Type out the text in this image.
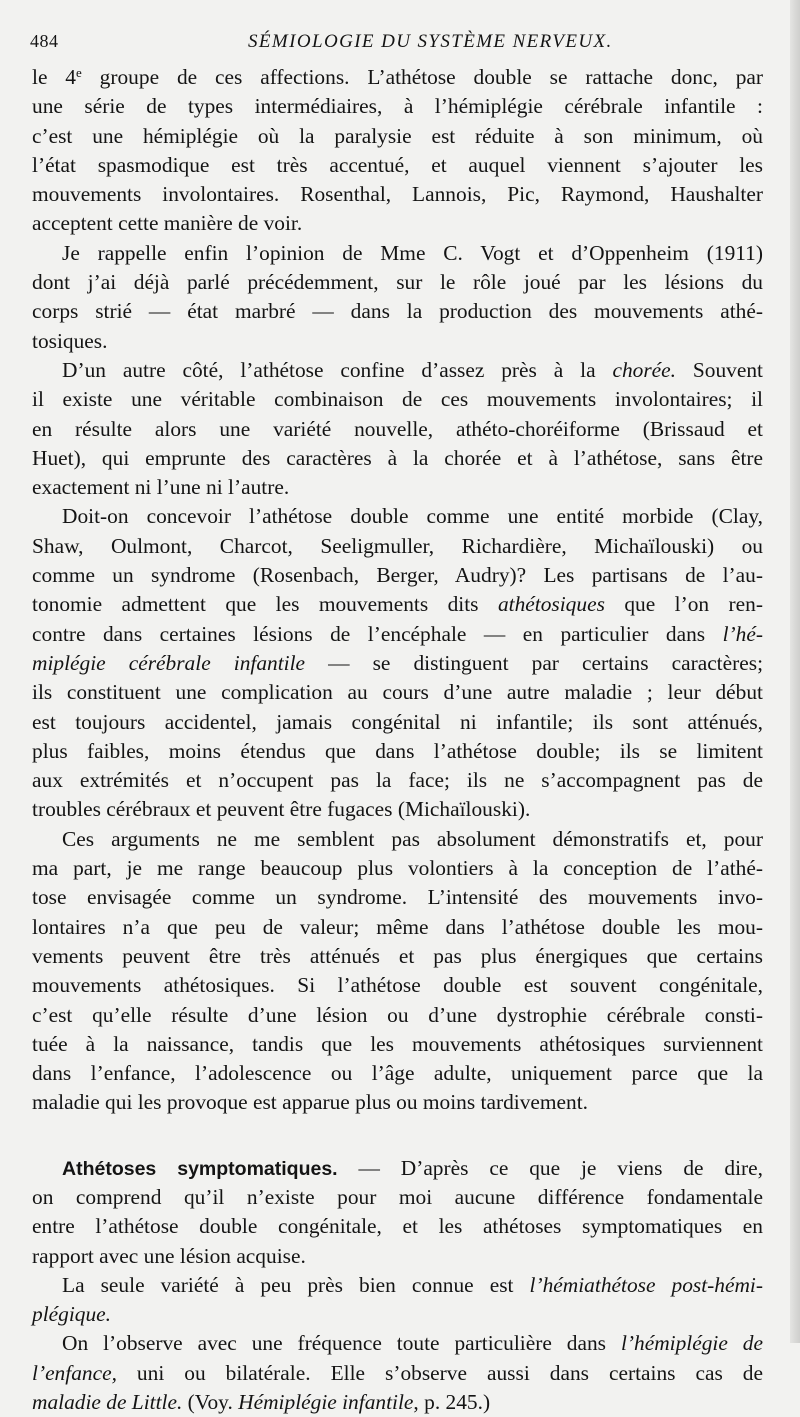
484	SÉMIOLOGIE DU SYSTÈME NERVEUX.
le 4e groupe de ces affections. L’athétose double se rattache donc, par
une série de types intermédiaires, à l’hémiplégie cérébrale infantile :
c’est une hémiplégie où la paralysie est réduite à son minimum, où
l’état spasmodique est très accentué, et auquel viennent s’ajouter les
mouvements involontaires. Rosenthal, Lannois, Pic, Raymond, Haushalter
acceptent cette manière de voir.
Je rappelle enfin l’opinion de Mme C. Vogt et d’Oppenheim (1911)
dont j’ai déjà parlé précédemment, sur le rôle joué par les lésions du
corps strié — état marbré — dans la production des mouvements athé-
tosiques.
D’un autre côté, l’athétose confine d’assez près à la chorée. Souvent
il existe une véritable combinaison de ces mouvements involontaires; il
en résulte alors une variété nouvelle, athéto-choréiforme (Brissaud et
Huet), qui emprunte des caractères à la chorée et à l’athétose, sans être
exactement ni l’une ni l’autre.
Doit-on concevoir l’athétose double comme une entité morbide (Clay,
Shaw, Oulmont, Charcot, Seeligmuller, Richardière, Michaïlouski) ou
comme un syndrome (Rosenbach, Berger, Audry)? Les partisans de l’au-
tonomie admettent que les mouvements dits athétosiques que l’on ren-
contre dans certaines lésions de l’encéphale — en particulier dans l’hé-
miplégie cérébrale infantile — se distinguent par certains caractères;
ils constituent une complication au cours d’une autre maladie ; leur début
est toujours accidentel, jamais congénital ni infantile; ils sont atténués,
plus faibles, moins étendus que dans l’athétose double; ils se limitent
aux extrémités et n’occupent pas la face; ils ne s’accompagnent pas de
troubles cérébraux et peuvent être fugaces (Michaïlouski).
Ces arguments ne me semblent pas absolument démonstratifs et, pour
ma part, je me range beaucoup plus volontiers à la conception de l’athé-
tose envisagée comme un syndrome. L’intensité des mouvements invo-
lontaires n’a que peu de valeur; même dans l’athétose double les mou-
vements peuvent être très atténués et pas plus énergiques que certains
mouvements athétosiques. Si l’athétose double est souvent congénitale,
c’est qu’elle résulte d’une lésion ou d’une dystrophie cérébrale consti-
tuée à la naissance, tandis que les mouvements athétosiques surviennent
dans l’enfance, l’adolescence ou l’âge adulte, uniquement parce que la
maladie qui les provoque est apparue plus ou moins tardivement.
Athétoses symptomatiques. — D’après ce que je viens de dire,
on comprend qu’il n’existe pour moi aucune différence fondamentale
entre l’athétose double congénitale, et les athétoses symptomatiques en
rapport avec une lésion acquise.
La seule variété à peu près bien connue est l’hémiathétose post-hémi-
plégique.
On l’observe avec une fréquence toute particulière dans l’hémiplégie de
l’enfance, uni ou bilatérale. Elle s’observe aussi dans certains cas de
maladie de Little. (Voy. Hémiplégie infantile, p. 245.)
